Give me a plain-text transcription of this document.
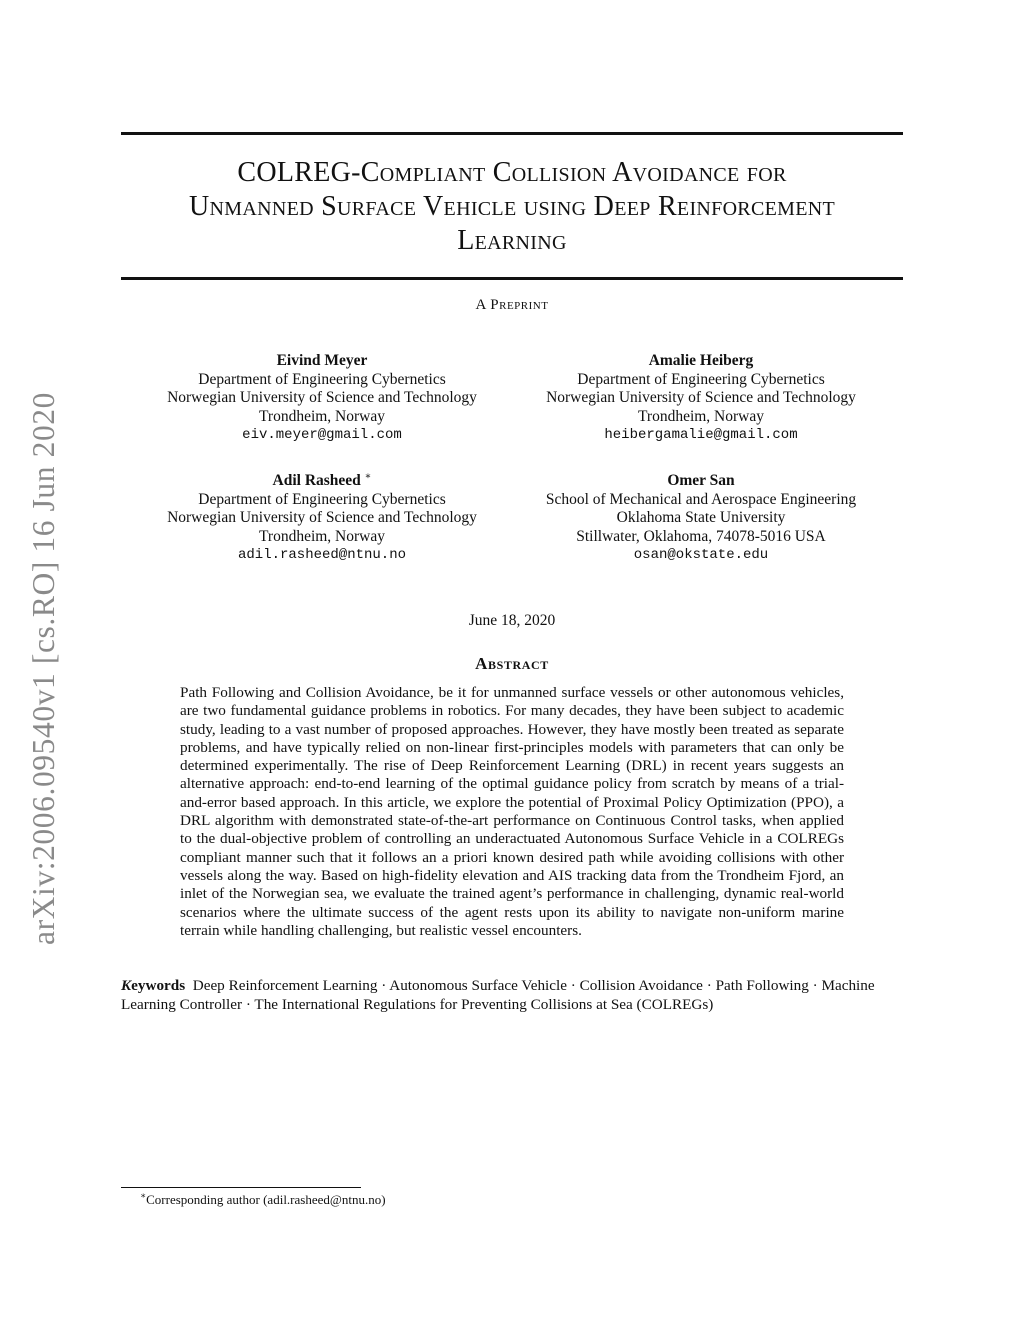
COLREG-Compliant Collision Avoidance for
Unmanned Surface Vehicle using Deep Reinforcement
Learning
A Preprint
Eivind Meyer
Department of Engineering Cybernetics
Norwegian University of Science and Technology
Trondheim, Norway
eiv.meyer@gmail.com
Amalie Heiberg
Department of Engineering Cybernetics
Norwegian University of Science and Technology
Trondheim, Norway
heibergamalie@gmail.com
Adil Rasheed ∗
Department of Engineering Cybernetics
Norwegian University of Science and Technology
Trondheim, Norway
adil.rasheed@ntnu.no
Omer San
School of Mechanical and Aerospace Engineering
Oklahoma State University
Stillwater, Oklahoma, 74078-5016 USA
osan@okstate.edu
June 18, 2020
Abstract

Path Following and Collision Avoidance, be it for unmanned surface vessels or other autonomous vehicles, are two fundamental guidance problems in robotics. For many decades, they have been subject to academic study, leading to a vast number of proposed approaches. However, they have mostly been treated as separate problems, and have typically relied on non-linear first-principles models with parameters that can only be determined experimentally. The rise of Deep Reinforcement Learning (DRL) in recent years suggests an alternative approach: end-to-end learning of the optimal guidance policy from scratch by means of a trial-and-error based approach. In this article, we explore the potential of Proximal Policy Optimization (PPO), a DRL algorithm with demonstrated state-of-the-art performance on Continuous Control tasks, when applied to the dual-objective problem of controlling an underactuated Autonomous Surface Vehicle in a COLREGs compliant manner such that it follows an a priori known desired path while avoiding collisions with other vessels along the way. Based on high-fidelity elevation and AIS tracking data from the Trondheim Fjord, an inlet of the Norwegian sea, we evaluate the trained agent’s performance in challenging, dynamic real-world scenarios where the ultimate success of the agent rests upon its ability to navigate non-uniform marine terrain while handling challenging, but realistic vessel encounters.

Keywords Deep Reinforcement Learning · Autonomous Surface Vehicle · Collision Avoidance · Path Following · Machine Learning Controller · The International Regulations for Preventing Collisions at Sea (COLREGs)

arXiv:2006.09540v1 [cs.RO] 16 Jun 2020
∗Corresponding author (adil.rasheed@ntnu.no)
